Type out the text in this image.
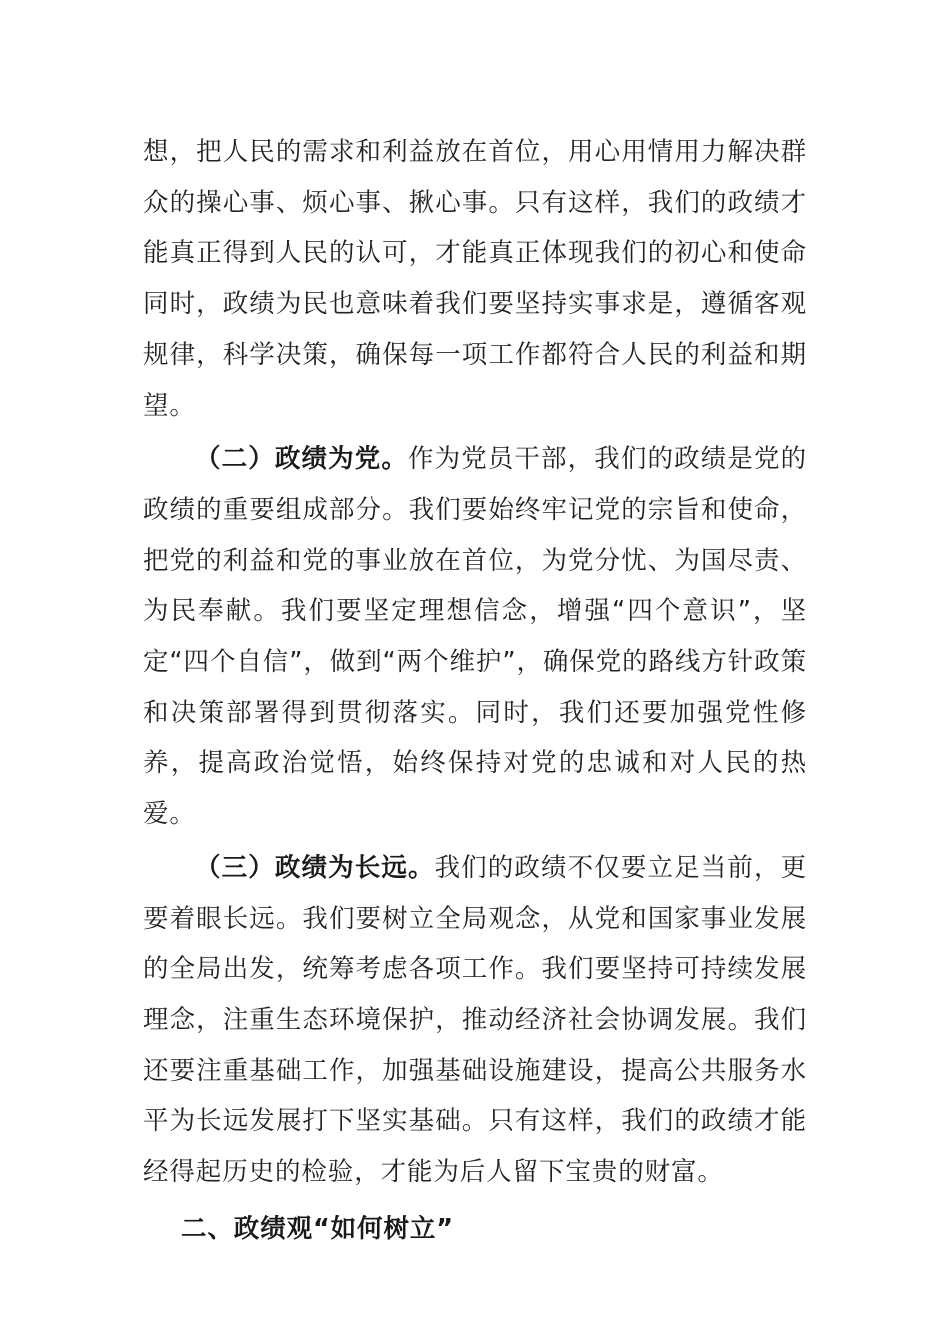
想，把人民的需求和利益放在首位，用心用情用力解决群众的操心事、烦心事、揪心事。只有这样，我们的政绩才能真正得到人民的认可，才能真正体现我们的初心和使命同时，政绩为民也意味着我们要坚持实事求是，遵循客观规律，科学决策，确保每一项工作都符合人民的利益和期望。

（二）政绩为党。作为党员干部，我们的政绩是党的政绩的重要组成部分。我们要始终牢记党的宗旨和使命，把党的利益和党的事业放在首位，为党分忧、为国尽责、为民奉献。我们要坚定理想信念，增强“四个意识”，坚定“四个自信”，做到“两个维护”，确保党的路线方针政策和决策部署得到贯彻落实。同时，我们还要加强党性修养，提高政治觉悟，始终保持对党的忠诚和对人民的热爱。

（三）政绩为长远。我们的政绩不仅要立足当前，更要着眼长远。我们要树立全局观念，从党和国家事业发展的全局出发，统筹考虑各项工作。我们要坚持可持续发展理念，注重生态环境保护，推动经济社会协调发展。我们还要注重基础工作，加强基础设施建设，提高公共服务水平为长远发展打下坚实基础。只有这样，我们的政绩才能经得起历史的检验，才能为后人留下宝贵的财富。

二、政绩观“如何树立”
